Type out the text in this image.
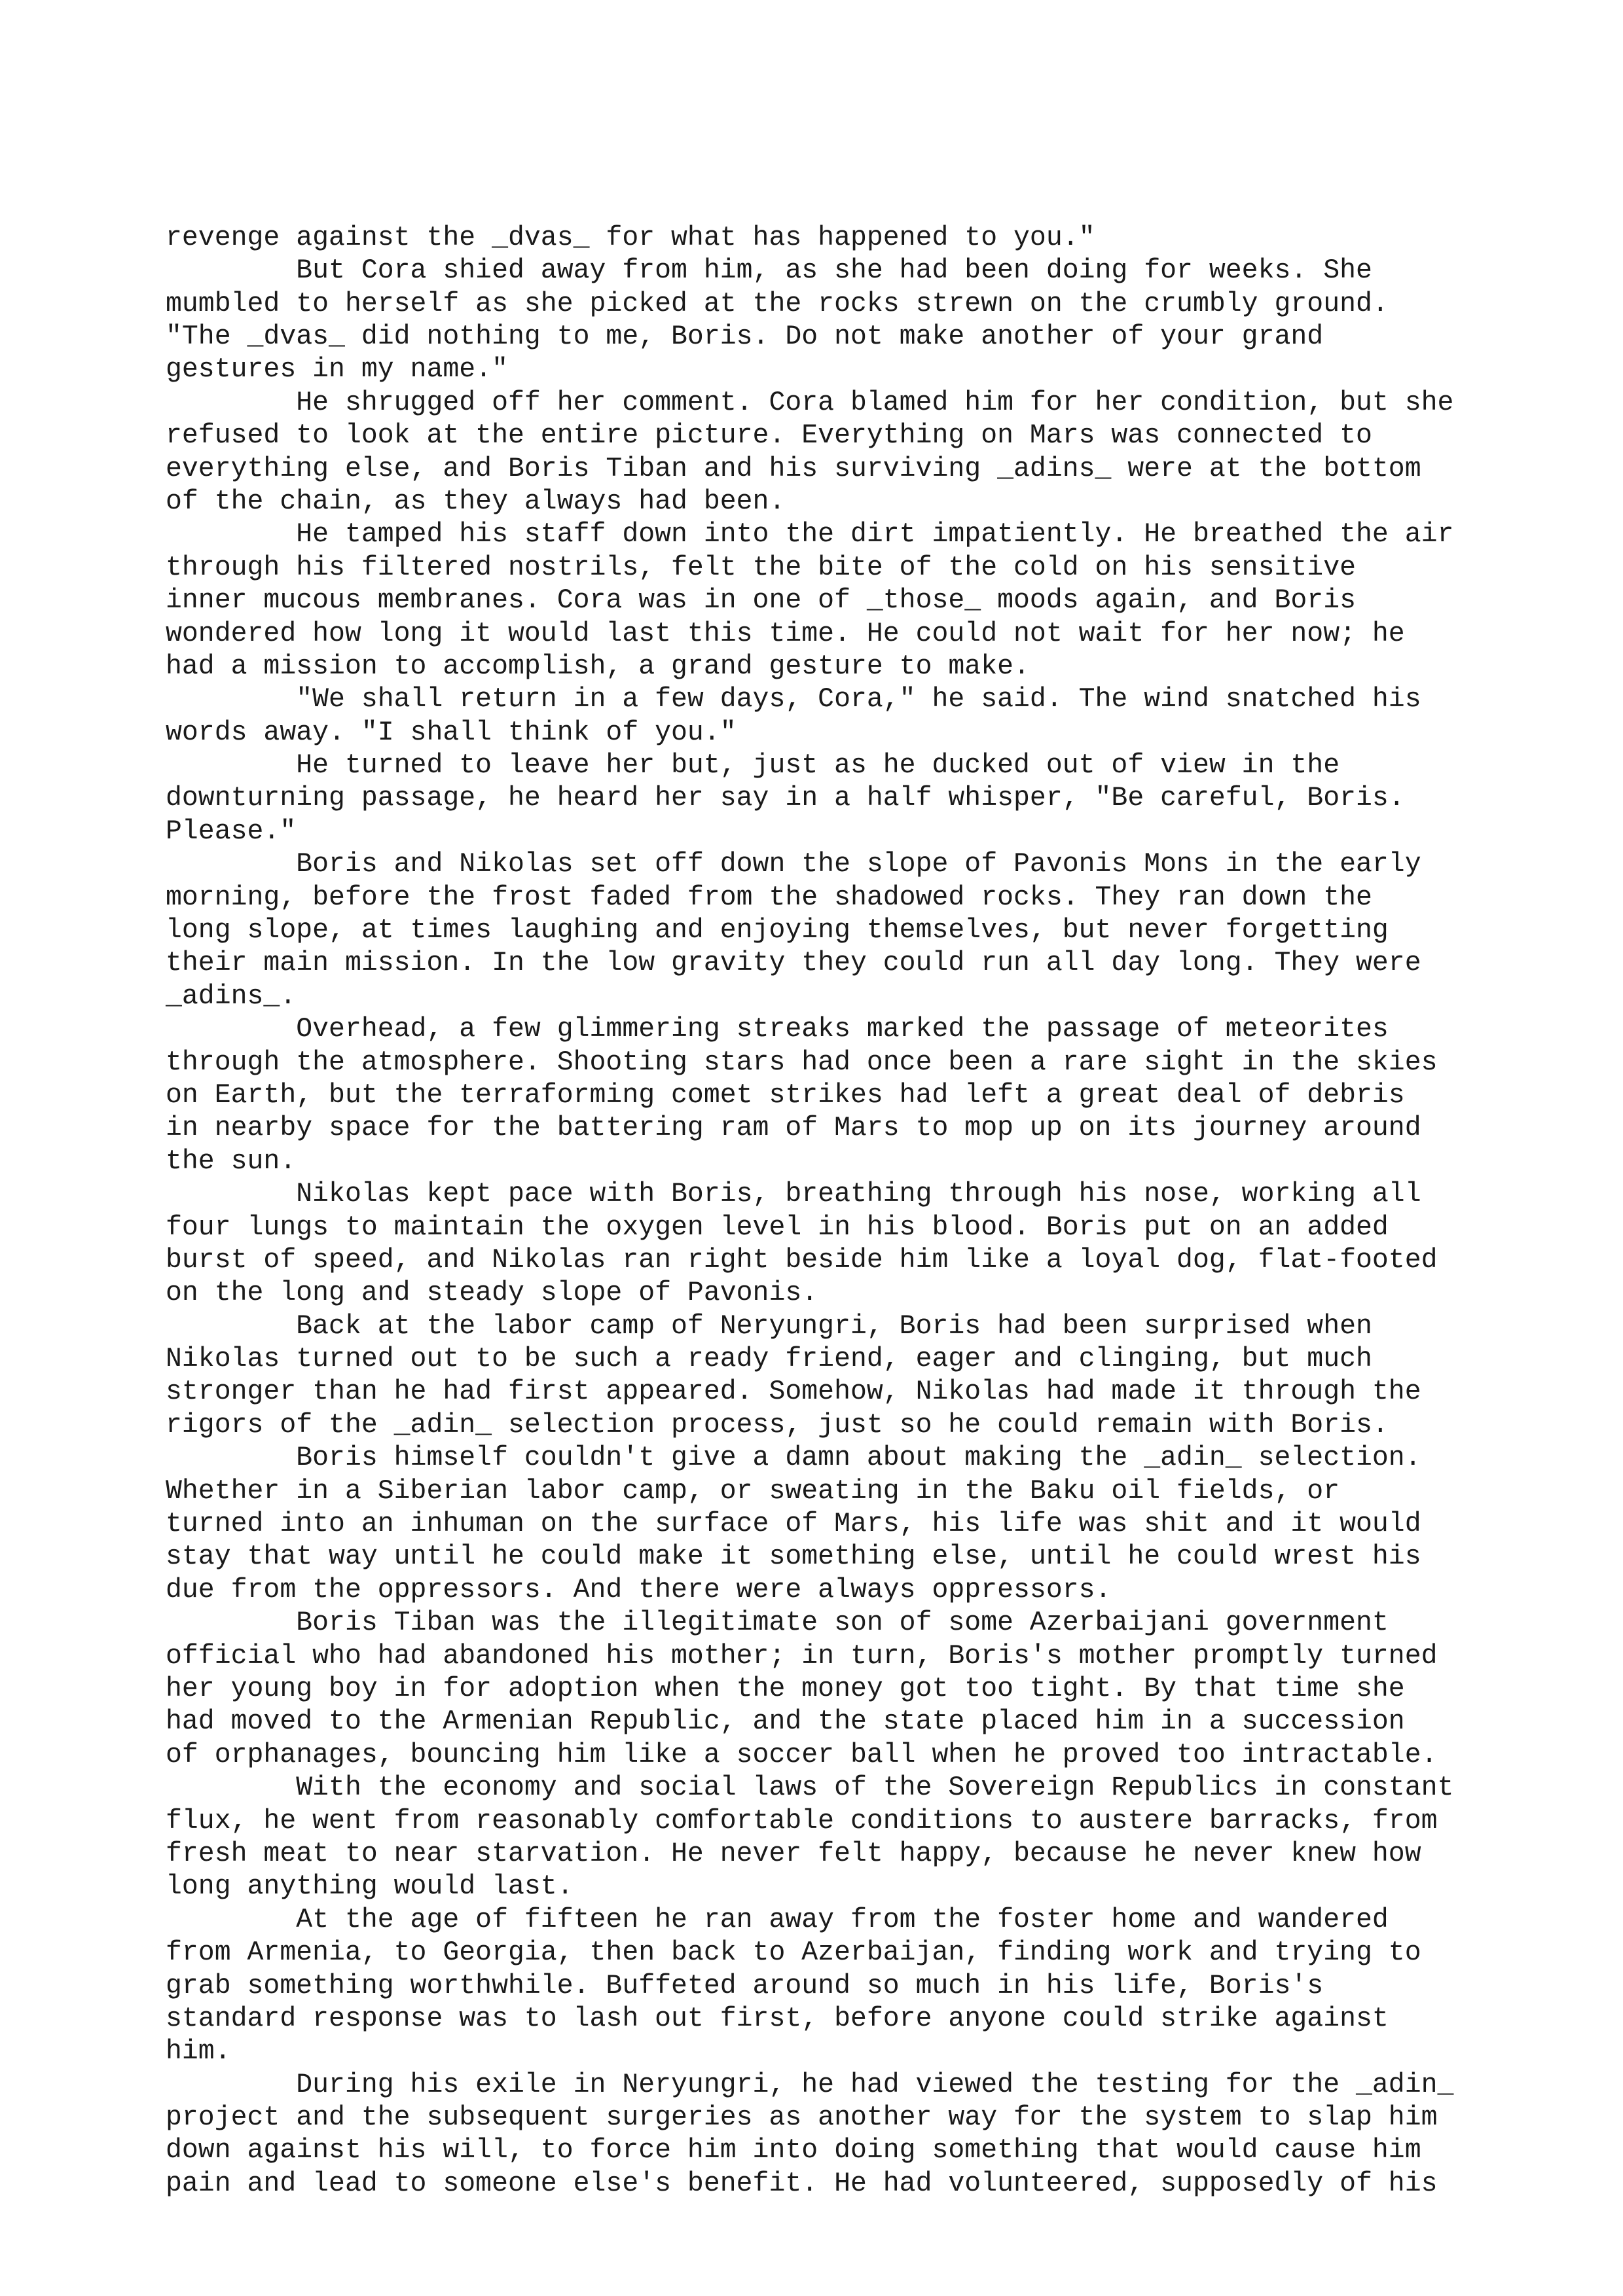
revenge against the _dvas_ for what has happened to you."
But Cora shied away from him, as she had been doing for weeks. She
mumbled to herself as she picked at the rocks strewn on the crumbly ground.
"The _dvas_ did nothing to me, Boris. Do not make another of your grand
gestures in my name."
He shrugged off her comment. Cora blamed him for her condition, but she
refused to look at the entire picture. Everything on Mars was connected to
everything else, and Boris Tiban and his surviving _adins_ were at the bottom
of the chain, as they always had been.
He tamped his staff down into the dirt impatiently. He breathed the air
through his filtered nostrils, felt the bite of the cold on his sensitive
inner mucous membranes. Cora was in one of _those_ moods again, and Boris
wondered how long it would last this time. He could not wait for her now; he
had a mission to accomplish, a grand gesture to make.
"We shall return in a few days, Cora," he said. The wind snatched his
words away. "I shall think of you."
He turned to leave her but, just as he ducked out of view in the
downturning passage, he heard her say in a half whisper, "Be careful, Boris.
Please."
Boris and Nikolas set off down the slope of Pavonis Mons in the early
morning, before the frost faded from the shadowed rocks. They ran down the
long slope, at times laughing and enjoying themselves, but never forgetting
their main mission. In the low gravity they could run all day long. They were
_adins_.
Overhead, a few glimmering streaks marked the passage of meteorites
through the atmosphere. Shooting stars had once been a rare sight in the skies
on Earth, but the terraforming comet strikes had left a great deal of debris
in nearby space for the battering ram of Mars to mop up on its journey around
the sun.
Nikolas kept pace with Boris, breathing through his nose, working all
four lungs to maintain the oxygen level in his blood. Boris put on an added
burst of speed, and Nikolas ran right beside him like a loyal dog, flat-footed
on the long and steady slope of Pavonis.
Back at the labor camp of Neryungri, Boris had been surprised when
Nikolas turned out to be such a ready friend, eager and clinging, but much
stronger than he had first appeared. Somehow, Nikolas had made it through the
rigors of the _adin_ selection process, just so he could remain with Boris.
Boris himself couldn't give a damn about making the _adin_ selection.
Whether in a Siberian labor camp, or sweating in the Baku oil fields, or
turned into an inhuman on the surface of Mars, his life was shit and it would
stay that way until he could make it something else, until he could wrest his
due from the oppressors. And there were always oppressors.
Boris Tiban was the illegitimate son of some Azerbaijani government
official who had abandoned his mother; in turn, Boris's mother promptly turned
her young boy in for adoption when the money got too tight. By that time she
had moved to the Armenian Republic, and the state placed him in a succession
of orphanages, bouncing him like a soccer ball when he proved too intractable.
With the economy and social laws of the Sovereign Republics in constant
flux, he went from reasonably comfortable conditions to austere barracks, from
fresh meat to near starvation. He never felt happy, because he never knew how
long anything would last.
At the age of fifteen he ran away from the foster home and wandered
from Armenia, to Georgia, then back to Azerbaijan, finding work and trying to
grab something worthwhile. Buffeted around so much in his life, Boris's
standard response was to lash out first, before anyone could strike against
him.
During his exile in Neryungri, he had viewed the testing for the _adin_
project and the subsequent surgeries as another way for the system to slap him
down against his will, to force him into doing something that would cause him
pain and lead to someone else's benefit. He had volunteered, supposedly of his
